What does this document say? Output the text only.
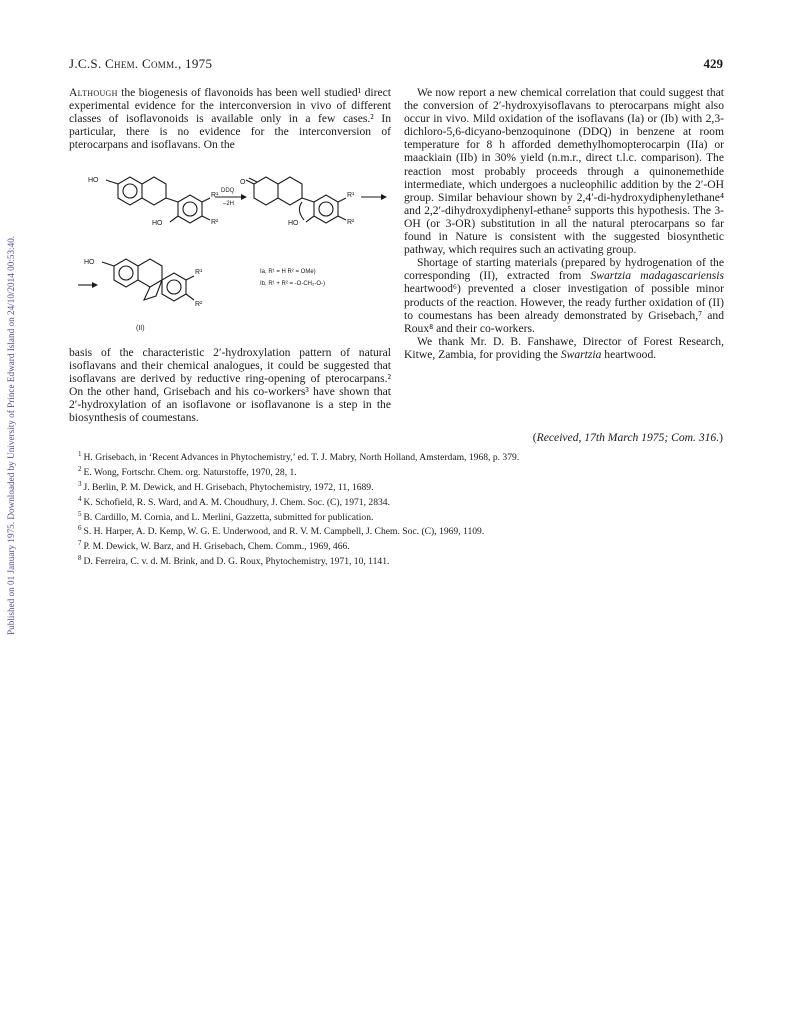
Published on 01 January 1975. Downloaded by University of Prince Edward Island on 24/10/2014 00:53:40.
J.C.S. Chem. Comm., 1975	429

Although the biogenesis of flavonoids has been well studied¹ direct experimental evidence for the interconversion in vivo of different classes of isoflavonoids is available only in a few cases.² In particular, there is no evidence for the interconversion of pterocarpans and isoflavans. On the

HO
R¹
R²
HO
DDQ
–2H
O
R¹
R²
HO
HO
R¹
R²
Ia, R¹ = H R² = OMe)
Ib, R¹ + R² = -O-CH₂-O-)
(II)

basis of the characteristic 2′-hydroxylation pattern of natural isoflavans and their chemical analogues, it could be suggested that isoflavans are derived by reductive ring-opening of pterocarpans.² On the other hand, Grisebach and his co-workers³ have shown that 2′-hydroxylation of an isoflavone or isoflavanone is a step in the biosynthesis of coumestans.

We now report a new chemical correlation that could suggest that the conversion of 2′-hydroxyisoflavans to pterocarpans might also occur in vivo. Mild oxidation of the isoflavans (Ia) or (Ib) with 2,3-dichloro-5,6-dicyano-benzoquinone (DDQ) in benzene at room temperature for 8 h afforded demethylhomopterocarpin (IIa) or maackiain (IIb) in 30% yield (n.m.r., direct t.l.c. comparison). The reaction most probably proceeds through a quinonemethide intermediate, which undergoes a nucleophilic addition by the 2′-OH group. Similar behaviour shown by 2,4′-di-hydroxydiphenylethane⁴ and 2,2′-dihydroxydiphenyl-ethane⁵ supports this hypothesis. The 3-OH (or 3-OR) substitution in all the natural pterocarpans so far found in Nature is consistent with the suggested biosynthetic pathway, which requires such an activating group.

Shortage of starting materials (prepared by hydrogenation of the corresponding (II), extracted from Swartzia madagascariensis heartwood⁶) prevented a closer investigation of possible minor products of the reaction. However, the ready further oxidation of (II) to coumestans has been already demonstrated by Grisebach,⁷ and Roux⁸ and their co-workers.

We thank Mr. D. B. Fanshawe, Director of Forest Research, Kitwe, Zambia, for providing the Swartzia heartwood.

(Received, 17th March 1975; Com. 316.)
$^1$ H. Grisebach, in ‘Recent Advances in Phytochemistry,’ ed. T. J. Mabry, North Holland, Amsterdam, 1968, p. 379.
$^2$ E. Wong, Fortschr. Chem. org. Naturstoffe, 1970, 28, 1.
$^3$ J. Berlin, P. M. Dewick, and H. Grisebach, Phytochemistry, 1972, 11, 1689.
$^4$ K. Schofield, R. S. Ward, and A. M. Choudhury, J. Chem. Soc. (C), 1971, 2834.
$^5$ B. Cardillo, M. Cornia, and L. Merlini, Gazzetta, submitted for publication.
$^6$ S. H. Harper, A. D. Kemp, W. G. E. Underwood, and R. V. M. Campbell, J. Chem. Soc. (C), 1969, 1109.
$^7$ P. M. Dewick, W. Barz, and H. Grisebach, Chem. Comm., 1969, 466.
$^8$ D. Ferreira, C. v. d. M. Brink, and D. G. Roux, Phytochemistry, 1971, 10, 1141.
